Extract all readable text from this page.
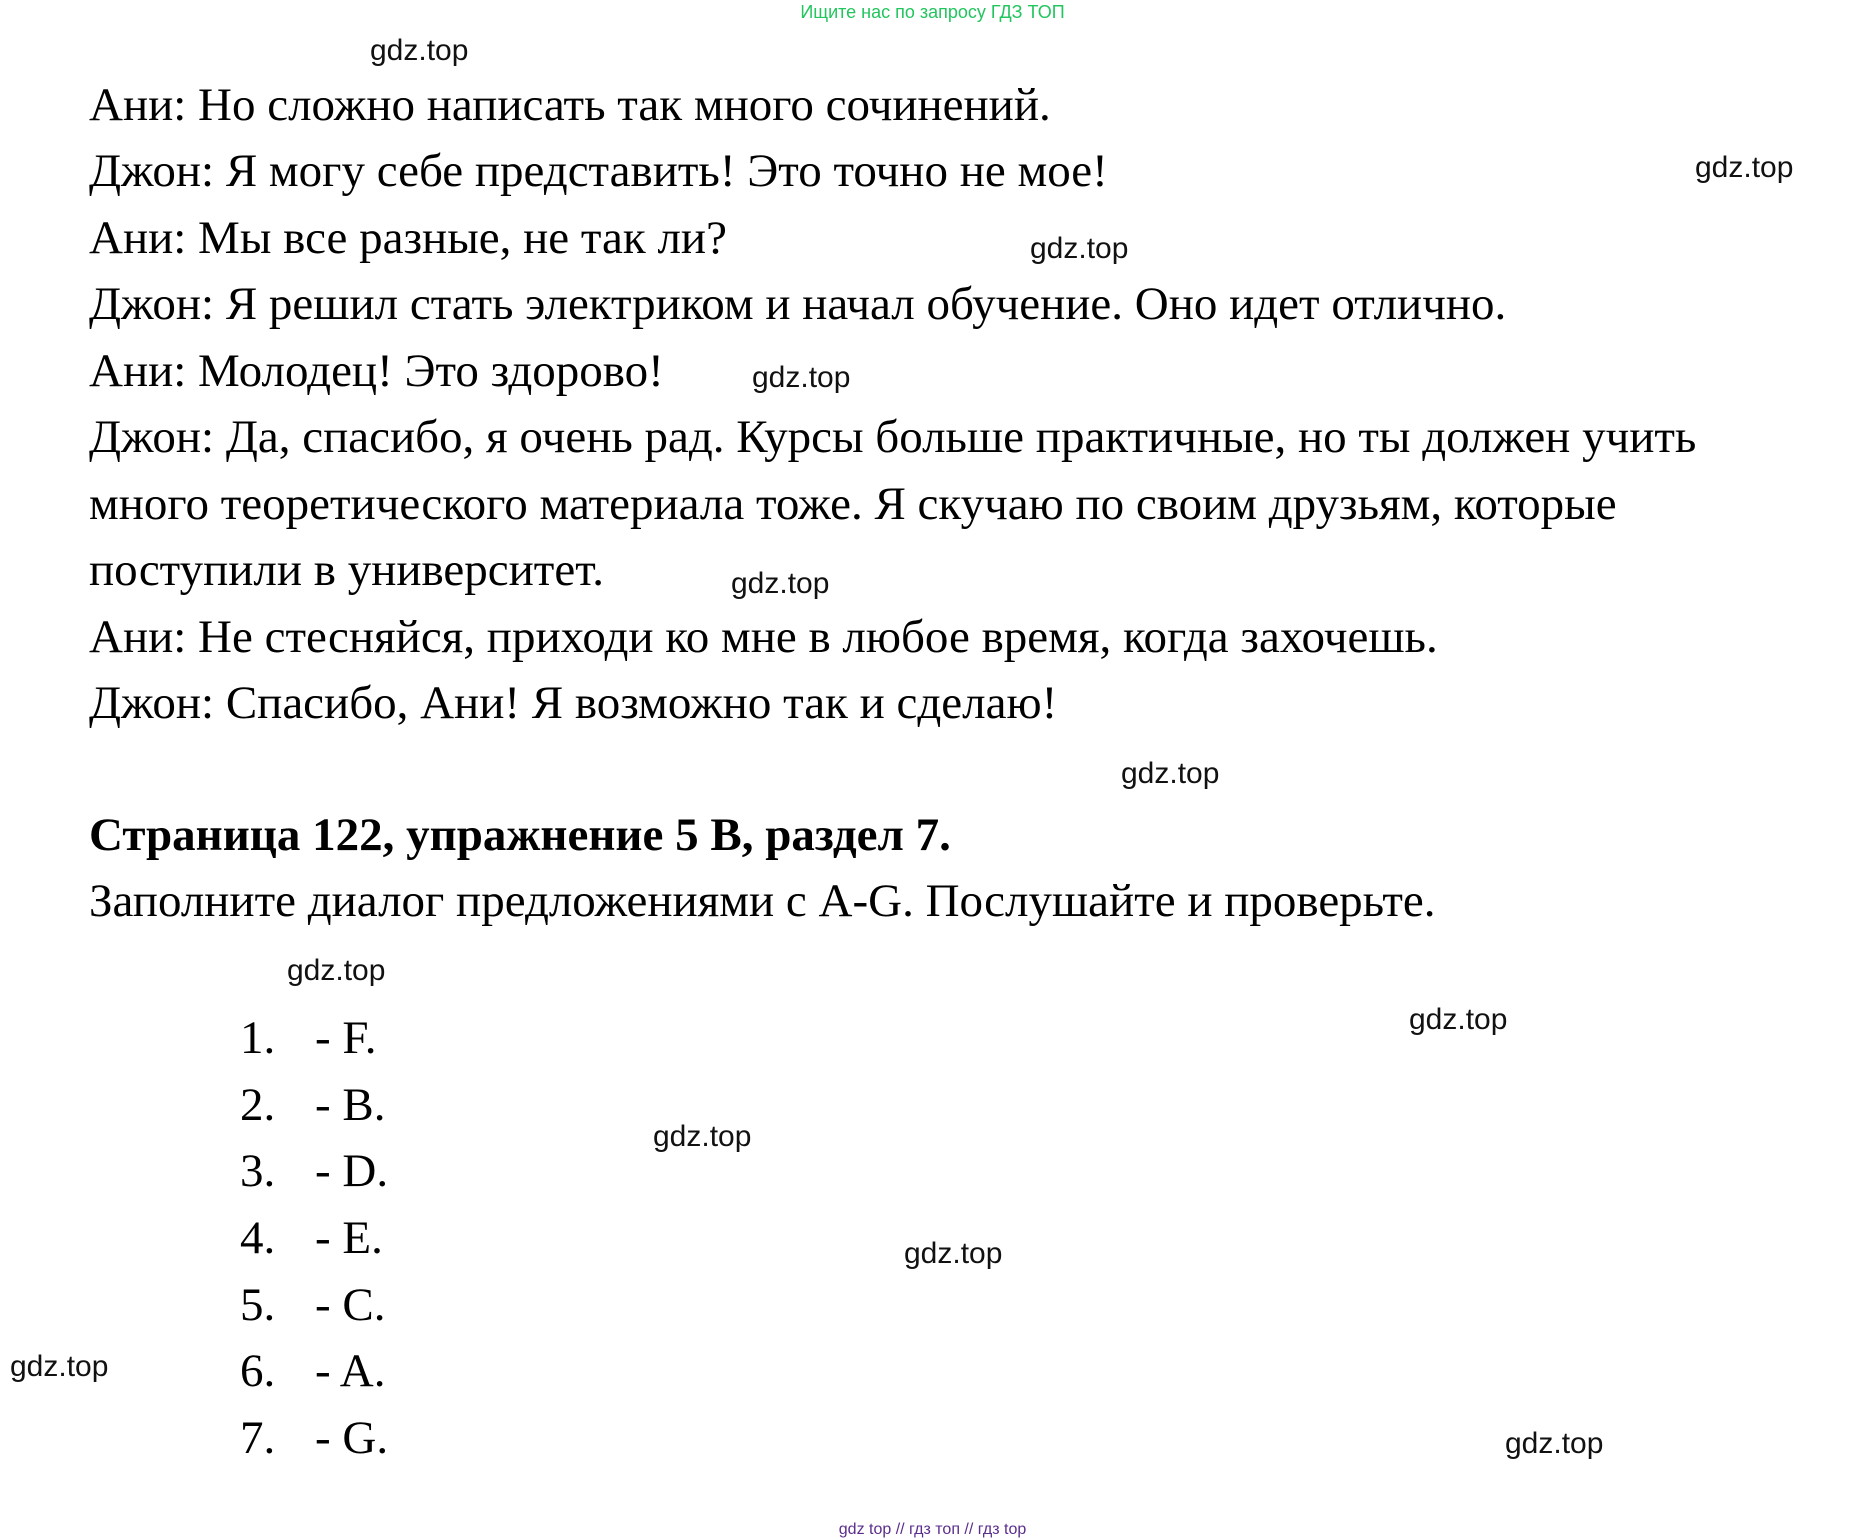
Ищите нас по запросу ГДЗ ТОП

Ани: Но сложно написать так много сочинений.

Джон: Я могу себе представить! Это точно не мое!

Ани: Мы все разные, не так ли?

Джон: Я решил стать электриком и начал обучение. Оно идет отлично.

Ани: Молодец! Это здорово!

Джон: Да, спасибо, я очень рад. Курсы больше практичные, но ты должен учить

много теоретического материала тоже. Я скучаю по своим друзьям, которые

поступили в университет.

Ани: Не стесняйся, приходи ко мне в любое время, когда захочешь.

Джон: Спасибо, Ани! Я возможно так и сделаю!

Страница 122, упражнение 5 B, раздел 7.

Заполните диалог предложениями с A-G. Послушайте и проверьте.

1. - F.
2. - B.
3. - D.
4. - E.
5. - C.
6. - A.
7. - G.
gdz.top
gdz.top
gdz.top
gdz.top
gdz.top
gdz.top
gdz.top
gdz.top
gdz.top
gdz.top
gdz.top
gdz.top
gdz top // гдз топ // гдз top
